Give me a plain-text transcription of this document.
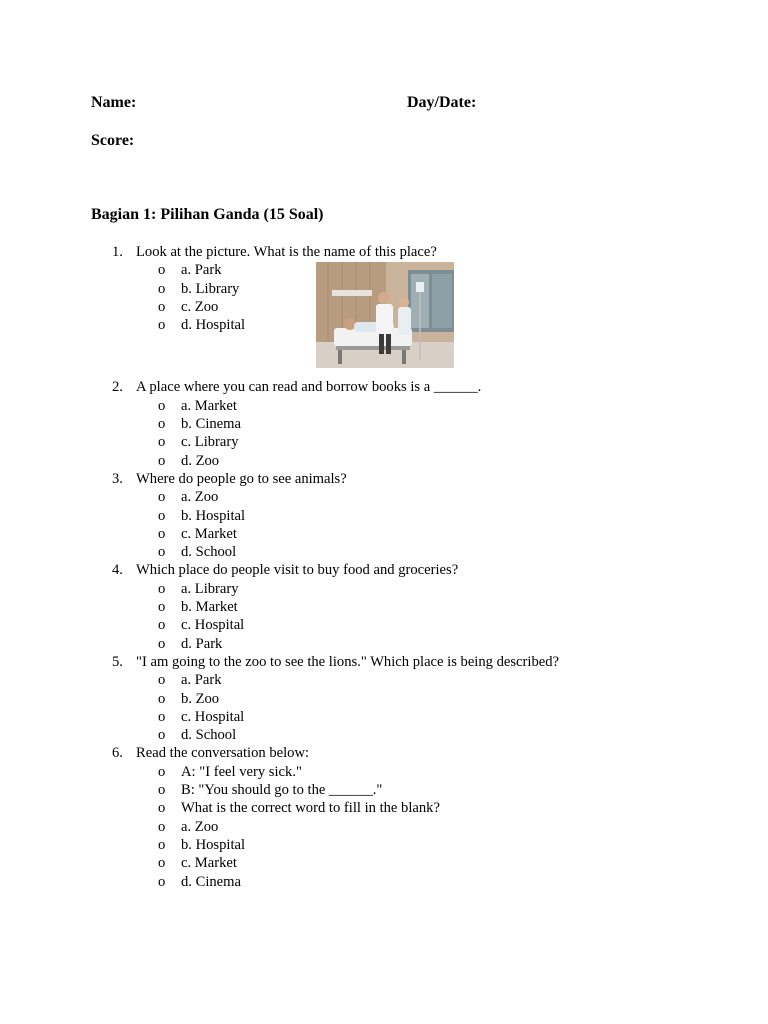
Name:	Day/Date:
Score:
Bagian 1: Pilihan Ganda (15 Soal)
1. Look at the picture. What is the name of this place?
o a. Park
o b. Library
o c. Zoo
o d. Hospital
2. A place where you can read and borrow books is a ______.
o a. Market
o b. Cinema
o c. Library
o d. Zoo
3. Where do people go to see animals?
o a. Zoo
o b. Hospital
o c. Market
o d. School
4. Which place do people visit to buy food and groceries?
o a. Library
o b. Market
o c. Hospital
o d. Park
5. "I am going to the zoo to see the lions." Which place is being described?
o a. Park
o b. Zoo
o c. Hospital
o d. School
6. Read the conversation below:
o A: "I feel very sick."
o B: "You should go to the ______."
o What is the correct word to fill in the blank?
o a. Zoo
o b. Hospital
o c. Market
o d. Cinema
